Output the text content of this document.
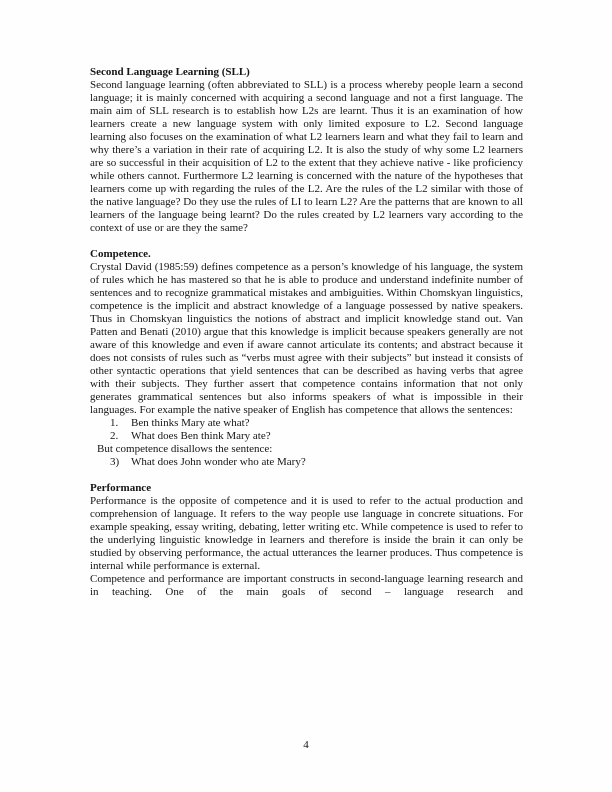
Second Language Learning (SLL)

Second language learning (often abbreviated to SLL) is a process whereby people learn a second language; it is mainly concerned with acquiring a second language and not a first language. The main aim of SLL research is to establish how L2s are learnt. Thus it is an examination of how learners create a new language system with only limited exposure to L2. Second language learning also focuses on the examination of what L2 learners learn and what they fail to learn and why there’s a variation in their rate of acquiring L2. It is also the study of why some L2 learners are so successful in their acquisition of L2 to the extent that they achieve native - like proficiency while others cannot. Furthermore L2 learning is concerned with the nature of the hypotheses that learners come up with regarding the rules of the L2. Are the rules of the L2 similar with those of the native language? Do they use the rules of LI to learn L2? Are the patterns that are known to all learners of the language being learnt? Do the rules created by L2 learners vary according to the context of use or are they the same?

Competence.

Crystal David (1985:59) defines competence as a person’s knowledge of his language, the system of rules which he has mastered so that he is able to produce and understand indefinite number of sentences and to recognize grammatical mistakes and ambiguities. Within Chomskyan linguistics, competence is the implicit and abstract knowledge of a language possessed by native speakers. Thus in Chomskyan linguistics the notions of abstract and implicit knowledge stand out. Van Patten and Benati (2010) argue that this knowledge is implicit because speakers generally are not aware of this knowledge and even if aware cannot articulate its contents; and abstract because it does not consists of rules such as “verbs must agree with their subjects” but instead it consists of other syntactic operations that yield sentences that can be described as having verbs that agree with their subjects. They further assert that competence contains information that not only generates grammatical sentences but also informs speakers of what is impossible in their languages. For example the native speaker of English has competence that allows the sentences:

1. Ben thinks Mary ate what?
2. What does Ben think Mary ate?
But competence disallows the sentence:
3) What does John wonder who ate Mary?
Performance

Performance is the opposite of competence and it is used to refer to the actual production and comprehension of language. It refers to the way people use language in concrete situations. For example speaking, essay writing, debating, letter writing etc. While competence is used to refer to the underlying linguistic knowledge in learners and therefore is inside the brain it can only be studied by observing performance, the actual utterances the learner produces. Thus competence is internal while performance is external.

Competence and performance are important constructs in second-language learning research and in teaching. One of the main goals of second – language research and

4
